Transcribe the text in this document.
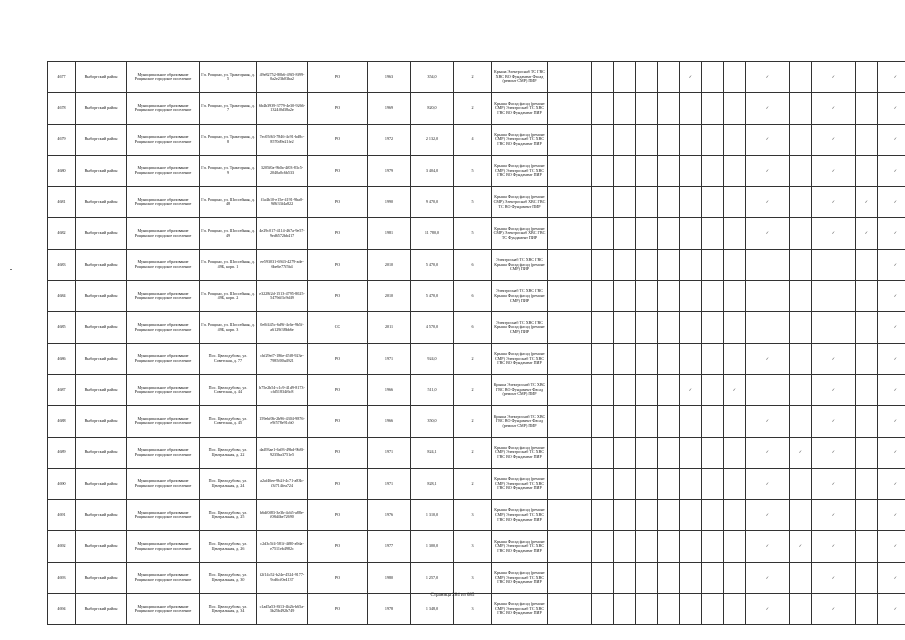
4677	Выборгский район	Муниципальное образование Рощинское городское поселение	Гп. Рощино, ул. Тракторная, д. 5	49e82752-80b6-49f5-8f99-0a2e23b03ba2	РО	1963	354,0	2	Крыша Электроснаб ТС ГВС ХВС ВО Фундамент Фасад (ремонт СМР) ПИР						✓			✓		✓		✓
4678	Выборгский район	Муниципальное образование Рощинское городское поселение	Гп. Рощино, ул. Тракторная, д. 7	6b4b3939-3779-4e30-9266-1324f0d38a2e	РО	1969	820,0	2	Крыша Фасад фасад (ремонт СМР) Электроснаб ТС ХВС ГВС ВО Фундамент ПИР									✓		✓		✓
4679	Выборгский район	Муниципальное образование Рощинское городское поселение	Гп. Рощино, ул. Тракторная, д. 8	7ec05f63-7846-4c91-bd8c-8570d9e21fe2	РО	1972	2 132,0	4	Крыша Фасад фасад (ремонт СМР) Электроснаб ТС ХВС ГВС ВО Фундамент ПИР									✓		✓		✓
4680	Выборгский район	Муниципальное образование Рощинское городское поселение	Гп. Рощино, ул. Тракторная, д. 9	3205f0a-9b0a-4f03-83c5-2040a0c6b533	РО	1979	3 404,0	5	Крыша Фасад фасад (ремонт СМР) Электроснаб ТС ХВС ГВС ВО Фундамент ПИР									✓		✓		✓
4681	Выборгский район	Муниципальное образование Рощинское городское поселение	Гп. Рощино, ул. Шоссейная, д. 48	f1a4b10-e15e-4191-9ba0-9f8f33f4a822	РО	1990	9 470,0	5	Крыша Фасад фасад (ремонт СМР) Электроснаб ХВС ГВС ТС ВО Фундамент ПИР									✓		✓	✓	✓
4682	Выборгский район	Муниципальное образование Рощинское городское поселение	Гп. Рощино, ул. Шоссейная, д. 49	4e29c017-4114-467a-9e57-9ed6572bb417	РО	1981	11 780,0	5	Крыша Фасад фасад (ремонт СМР) Электроснаб ХВС ГВС ТС Фундамент ПИР									✓		✓	✓	✓
4683	Выборгский район	Муниципальное образование Рощинское городское поселение	Гп. Рощино, ул. Шоссейная, д. 49Б, корп. 1	ee593031-6943-4279-ade-6be6e77f5b4	РО	2010	5 470,0	6	Электроснаб ТС ХВС ГВС Крыша Фасад фасад (ремонт СМР) ПИР													✓
4684	Выборгский район	Муниципальное образование Рощинское городское поселение	Гп. Рощино, ул. Шоссейная, д. 49Б, корп. 2	e3228f2d-1513-4795-8025-5479df3c9d49	РО	2010	5 470,0	6	Электроснаб ТС ХВС ГВС Крыша Фасад фасад (ремонт СМР) ПИР													✓
4685	Выборгский район	Муниципальное образование Рощинское городское поселение	Гп. Рощино, ул. Шоссейная, д. 49Б, корп. 3	0e0f445c-6d9f-4c6e-9b5f-a6129f38bb6e	СС	2011	4 570,0	6	Электроснаб ТС ХВС ГВС Крыша Фасад фасад (ремонт СМР) ПИР													✓
4686	Выборгский район	Муниципальное образование Рощинское городское поселение	Пос. Цвелодубово, ул. Советская, д. 77	cbf29ef7-186e-45f8-923e-7985f00a4921	РО	1971	924,0	2	Крыша Фасад фасад (ремонт СМР) Электроснаб ТС ХВС ГВС ВО Фундамент ПИР									✓		✓		✓
4687	Выборгский район	Муниципальное образование Рощинское городское поселение	Пос. Цвелодубово, ул. Советская, д. 44	b75e2b54-c1c9-41d9-8173-cfd51834f6c8	РО	1966	511,0	2	Крыша Электроснаб ТС ХВС ГВС ВО Фундамент Фасад (ремонт СМР) ПИР						✓		✓			✓		✓
4688	Выборгский район	Муниципальное образование Рощинское городское поселение	Пос. Цвелодубово, ул. Советская, д. 45	159ebf0b-2b96-4304-9876-e9f578e91cb0	РО	1966	350,0	2	Крыша Электроснаб ТС ХВС ГВС ВО Фундамент Фасад (ремонт СМР) ПИР									✓		✓		✓
4689	Выборгский район	Муниципальное образование Рощинское городское поселение	Пос. Цвелодубово, ул. Центральная, д. 22	da493ae1-6a93-49bd-9b8f-9235ba3751e5	РО	1971	824,1	2	Крыша Фасад фасад (ремонт СМР) Электроснаб ТС ХВС ГВС ВО Фундамент ПИР									✓	✓	✓		✓
4690	Выборгский район	Муниципальное образование Рощинское городское поселение	Пос. Цвелодубово, ул. Центральная, д. 24	a2af46ee-9b2f-4c71-a83b-f3f714fea724	РО	1971	828,1	2	Крыша Фасад фасад (ремонт СМР) Электроснаб ТС ХВС ГВС ВО Фундамент ПИР									✓		✓		✓
4691	Выборгский район	Муниципальное образование Рощинское городское поселение	Пос. Цвелодубово, ул. Центральная, д. 25	b6df0f83-3e3b-4cb5-a88e-f08d4be72690	РО	1976	1 310,0	3	Крыша Фасад фасад (ремонт СМР) Электроснаб ТС ХВС ГВС ВО Фундамент ПИР									✓		✓		✓
4692	Выборгский район	Муниципальное образование Рощинское городское поселение	Пос. Цвелодубово, ул. Центральная, д. 26	c2d3c5f4-581f-4f80-a9da-e7511eb4982c	РО	1977	1 300,0	3	Крыша Фасад фасад (ремонт СМР) Электроснаб ТС ХВС ГВС ВО Фундамент ПИР									✓	✓	✓		✓
4693	Выборгский район	Муниципальное образование Рощинское городское поселение	Пос. Цвелодубово, ул. Центральная, д. 30	f2f14c52-b24e-4524-9177-9cd6cf0e4137	РО	1980	1 257,0	3	Крыша Фасад фасад (ремонт СМР) Электроснаб ТС ХВС ГВС ВО Фундамент ПИР									✓		✓		✓
4694	Выборгский район	Муниципальное образование Рощинское городское поселение	Пос. Цвелодубово, ул. Центральная, д. 34	c1ad5a53-8f13-4b2b-b65a-3b25b492b749	РО	1978	1 348,0	3	Крыша Фасад фасад (ремонт СМР) Электроснаб ТС ХВС ГВС ВО Фундамент ПИР									✓		✓		✓
Страница 284 из 685
